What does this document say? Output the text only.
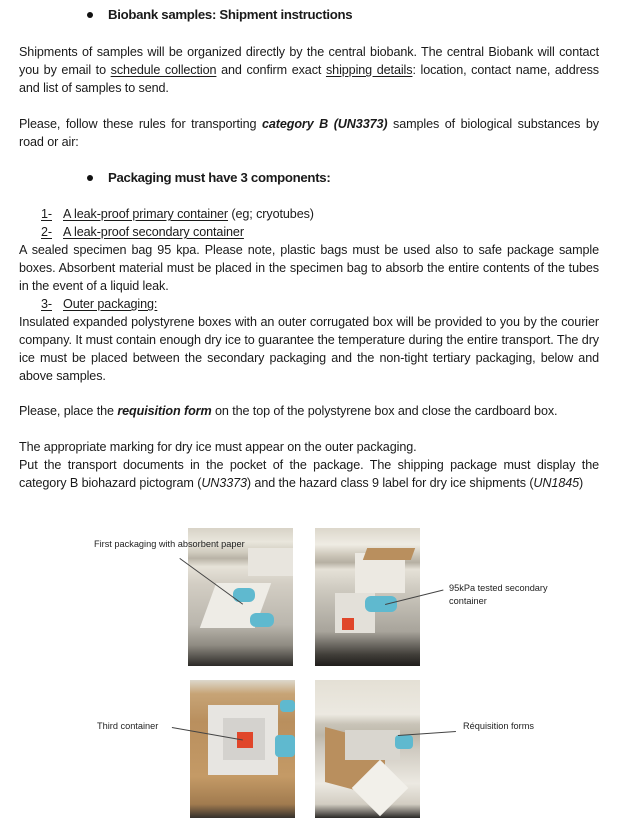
Biobank samples: Shipment instructions
Shipments of samples will be organized directly by the central biobank. The central Biobank will contact you by email to schedule collection and confirm exact shipping details: location, contact name, address and list of samples to send.
Please, follow these rules for transporting category B (UN3373) samples of biological substances by road or air:
Packaging must have 3 components:
1- A leak-proof primary container (eg; cryotubes)
2- A leak-proof secondary container
A sealed specimen bag 95 kpa. Please note, plastic bags must be used also to safe package sample boxes. Absorbent material must be placed in the specimen bag to absorb the entire contents of the tubes in the event of a liquid leak.
3- Outer packaging:
Insulated expanded polystyrene boxes with an outer corrugated box will be provided to you by the courier company. It must contain enough dry ice to guarantee the temperature during the entire transport. The dry ice must be placed between the secondary packaging and the non-tight tertiary packaging, below and above samples.
Please, place the requisition form on the top of the polystyrene box and close the cardboard box.
The appropriate marking for dry ice must appear on the outer packaging.
Put the transport documents in the pocket of the package. The shipping package must display the category B biohazard pictogram (UN3373) and the hazard class 9 label for dry ice shipments (UN1845)
First packaging with absorbent paper
95kPa tested secondary container
Third container	Réquisition forms
